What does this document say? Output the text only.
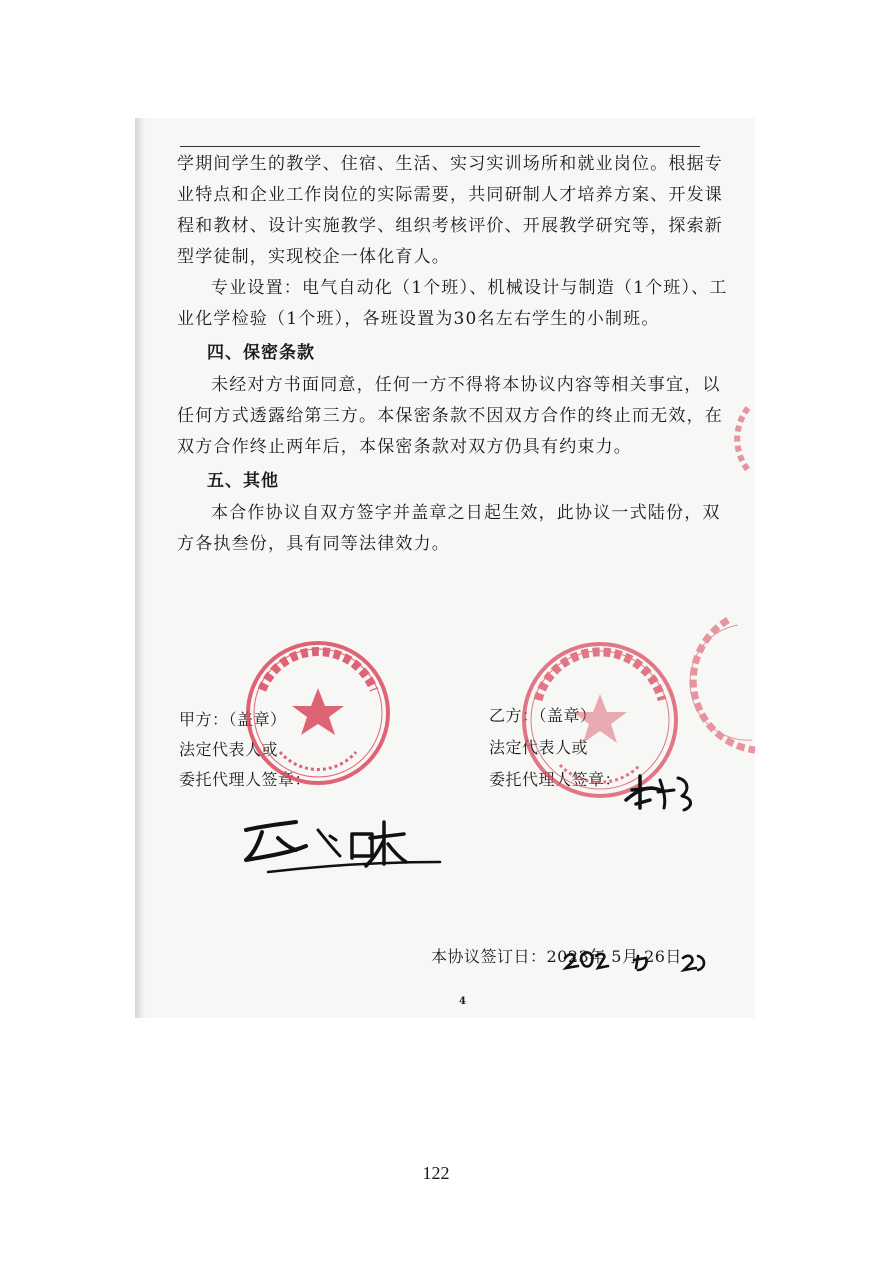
学期间学生的教学、住宿、生活、实习实训场所和就业岗位。根据专业特点和企业工作岗位的实际需要，共同研制人才培养方案、开发课程和教材、设计实施教学、组织考核评价、开展教学研究等，探索新型学徒制，实现校企一体化育人。

专业设置：电气自动化（1个班）、机械设计与制造（1个班）、工业化学检验（1个班），各班设置为30名左右学生的小制班。

四、保密条款

未经对方书面同意，任何一方不得将本协议内容等相关事宜，以任何方式透露给第三方。本保密条款不因双方合作的终止而无效，在双方合作终止两年后，本保密条款对双方仍具有约束力。

五、其他

本合作协议自双方签字并盖章之日起生效，此协议一式陆份，双方各执叁份，具有同等法律效力。

甲方：（盖章）
法定代表人或
委托代理人签章：
乙方：（盖章）
法定代表人或
委托代理人签章：
本协议签订日：2023年 5月 26日
4
122
